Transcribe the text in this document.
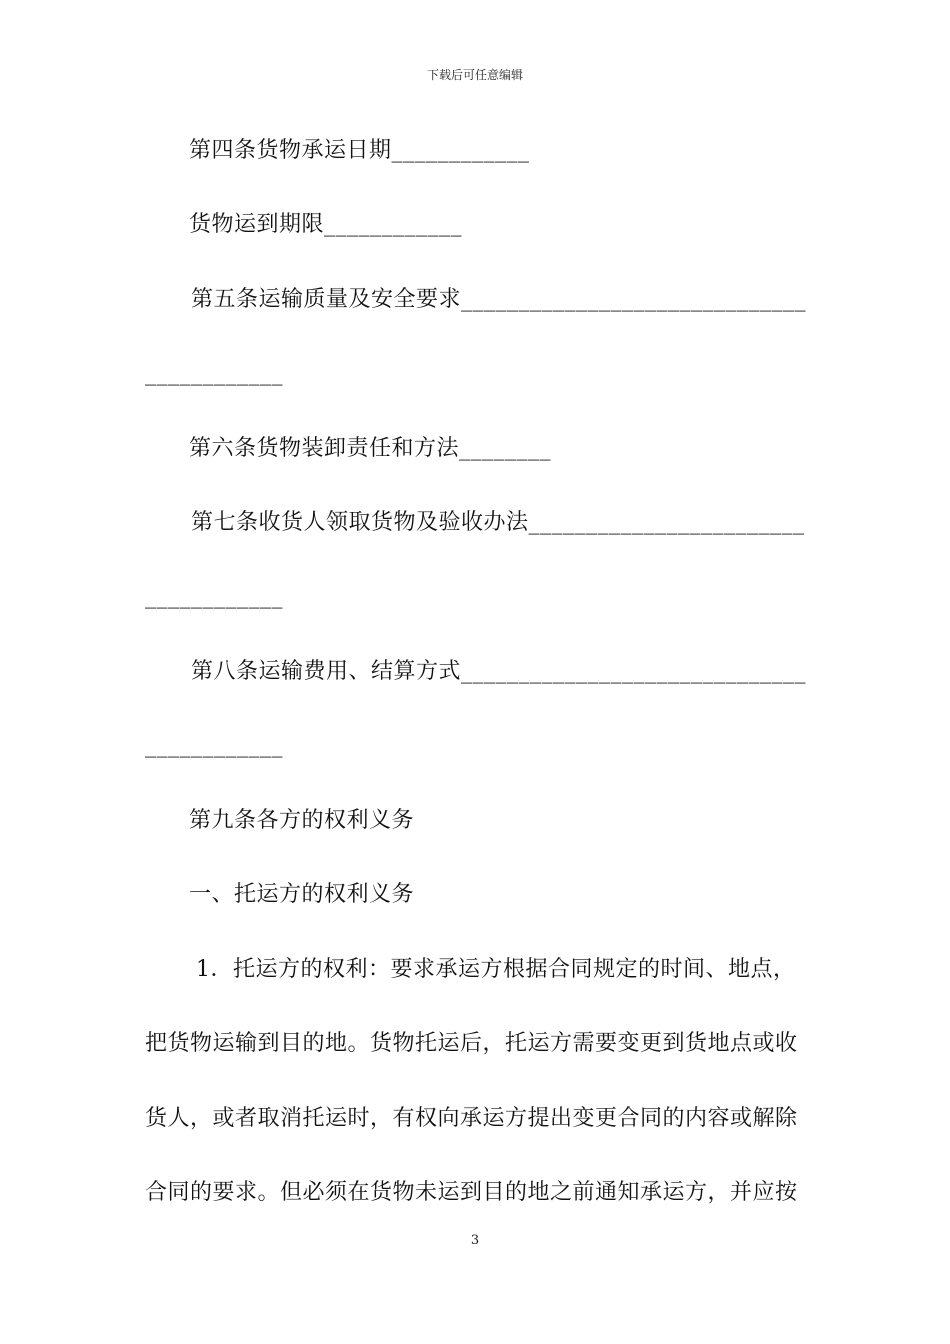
下载后可任意编辑
第四条货物承运日期____________
货物运到期限____________
第五条运输质量及安全要求______________________________
____________
第六条货物装卸责任和方法________
第七条收货人领取货物及验收办法________________________
____________
第八条运输费用、结算方式______________________________
____________
第九条各方的权利义务
一、托运方的权利义务
1．托运方的权利：要求承运方根据合同规定的时间、地点，
把货物运输到目的地。货物托运后，托运方需要变更到货地点或收
货人，或者取消托运时，有权向承运方提出变更合同的内容或解除
合同的要求。但必须在货物未运到目的地之前通知承运方，并应按
3
